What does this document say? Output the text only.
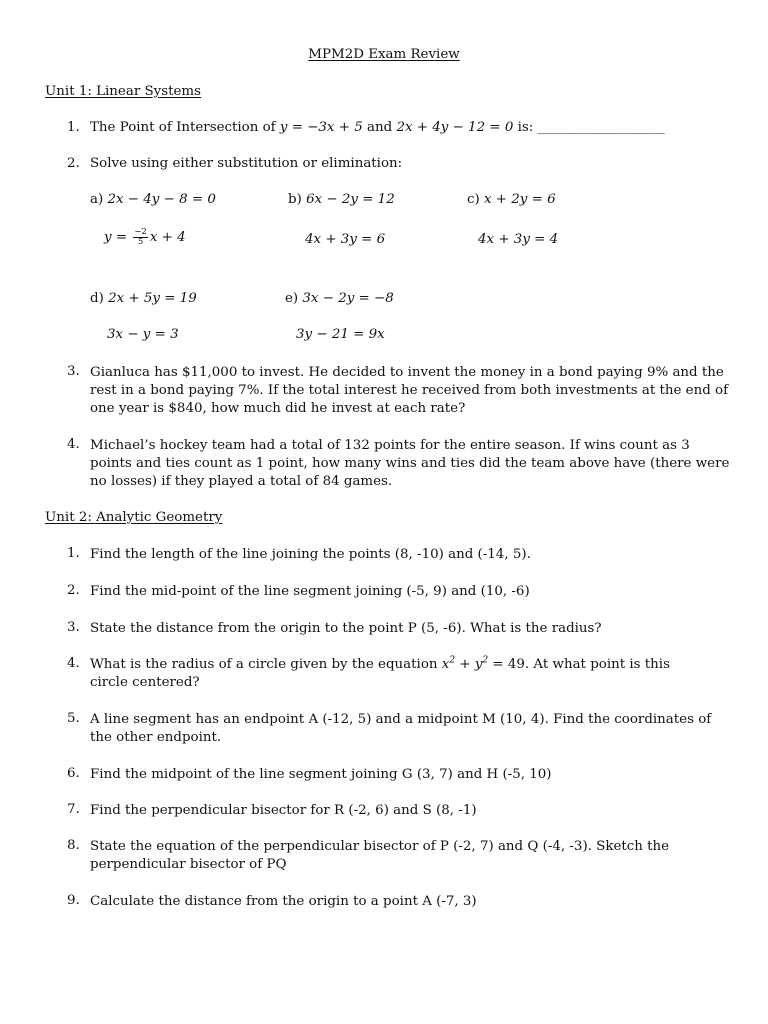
MPM2D Exam Review
Unit 1: Linear Systems
1. The Point of Intersection of y = −3x + 5 and 2x + 4y − 12 = 0 is: ___________________
2. Solve using either substitution or elimination:
a) 2x − 4y − 8 = 0
$y = \frac{-2}{5}$ x + 4
b) 6x − 2y = 12
4x + 3y = 6
c) x + 2y = 6
4x + 3y = 4
d) 2x + 5y = 19
3x − y = 3
e) 3x − 2y = −8
3y − 21 = 9x
3. Gianluca has $11,000 to invest. He decided to invent the money in a bond paying 9% and the rest in a bond paying 7%. If the total interest he received from both investments at the end of one year is $840, how much did he invest at each rate?
4. Michael’s hockey team had a total of 132 points for the entire season. If wins count as 3 points and ties count as 1 point, how many wins and ties did the team above have (there were no losses) if they played a total of 84 games.
Unit 2: Analytic Geometry
1. Find the length of the line joining the points (8, -10) and (-14, 5).
2. Find the mid-point of the line segment joining (-5, 9) and (10, -6)
3. State the distance from the origin to the point P (5, -6). What is the radius?
4. What is the radius of a circle given by the equation $x^2 + y^2 = 49$. At what point is this circle centered?
5. A line segment has an endpoint A (-12, 5) and a midpoint M (10, 4). Find the coordinates of the other endpoint.
6. Find the midpoint of the line segment joining G (3, 7) and H (-5, 10)
7. Find the perpendicular bisector for R (-2, 6) and S (8, -1)
8. State the equation of the perpendicular bisector of P (-2, 7) and Q (-4, -3). Sketch the perpendicular bisector of PQ
9. Calculate the distance from the origin to a point A (-7, 3)
